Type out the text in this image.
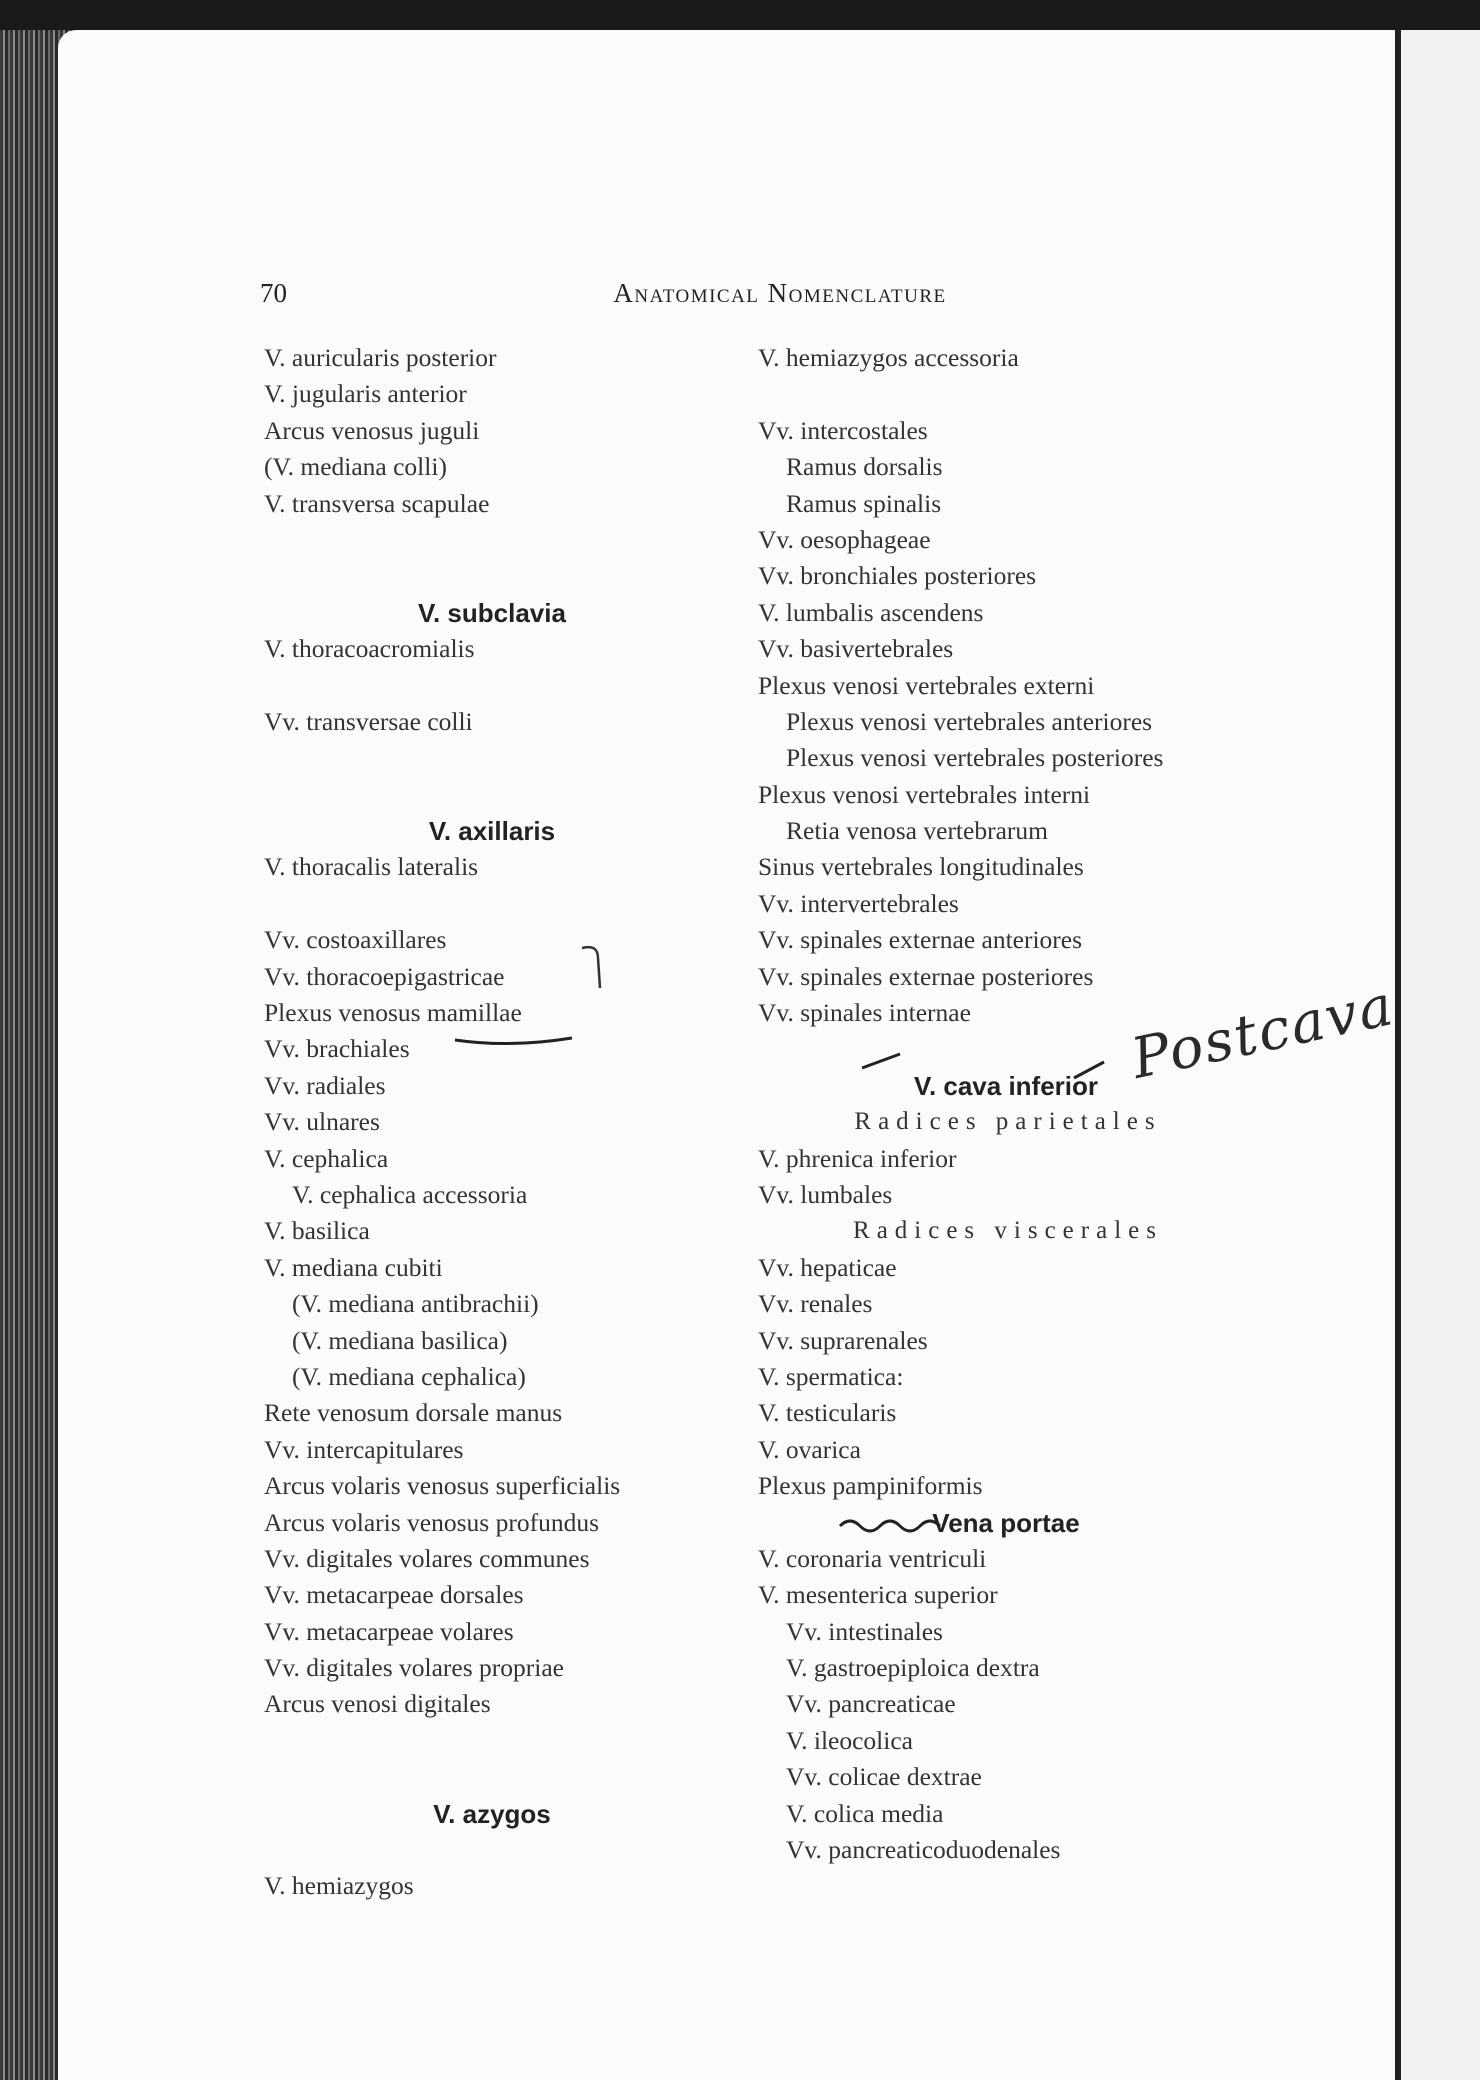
70	Anatomical Nomenclature
V. auricularis posterior
V. jugularis anterior
Arcus venosus juguli
(V. mediana colli)
V. transversa scapulae
V. subclavia
V. thoracoacromialis
Vv. transversae colli
V. axillaris
V. thoracalis lateralis
Vv. costoaxillares
Vv. thoracoepigastricae
Plexus venosus mamillae
Vv. brachiales
Vv. radiales
Vv. ulnares
V. cephalica
V. cephalica accessoria
V. basilica
V. mediana cubiti
(V. mediana antibrachii)
(V. mediana basilica)
(V. mediana cephalica)
Rete venosum dorsale manus
Vv. intercapitulares
Arcus volaris venosus superficialis
Arcus volaris venosus profundus
Vv. digitales volares communes
Vv. metacarpeae dorsales
Vv. metacarpeae volares
Vv. digitales volares propriae
Arcus venosi digitales
V. azygos
V. hemiazygos
V. hemiazygos accessoria
Vv. intercostales
Ramus dorsalis
Ramus spinalis
Vv. oesophageae
Vv. bronchiales posteriores
V. lumbalis ascendens
Vv. basivertebrales
Plexus venosi vertebrales externi
Plexus venosi vertebrales anteriores
Plexus venosi vertebrales posteriores
Plexus venosi vertebrales interni
Retia venosa vertebrarum
Sinus vertebrales longitudinales
Vv. intervertebrales
Vv. spinales externae anteriores
Vv. spinales externae posteriores
Vv. spinales internae
V. cava inferior
Radices parietales
V. phrenica inferior
Vv. lumbales
Radices viscerales
Vv. hepaticae
Vv. renales
Vv. suprarenales
V. spermatica:
V. testicularis
V. ovarica
Plexus pampiniformis
Vena portae
V. coronaria ventriculi
V. mesenterica superior
Vv. intestinales
V. gastroepiploica dextra
Vv. pancreaticae
V. ileocolica
Vv. colicae dextrae
V. colica media
Vv. pancreaticoduodenales
Postcava
